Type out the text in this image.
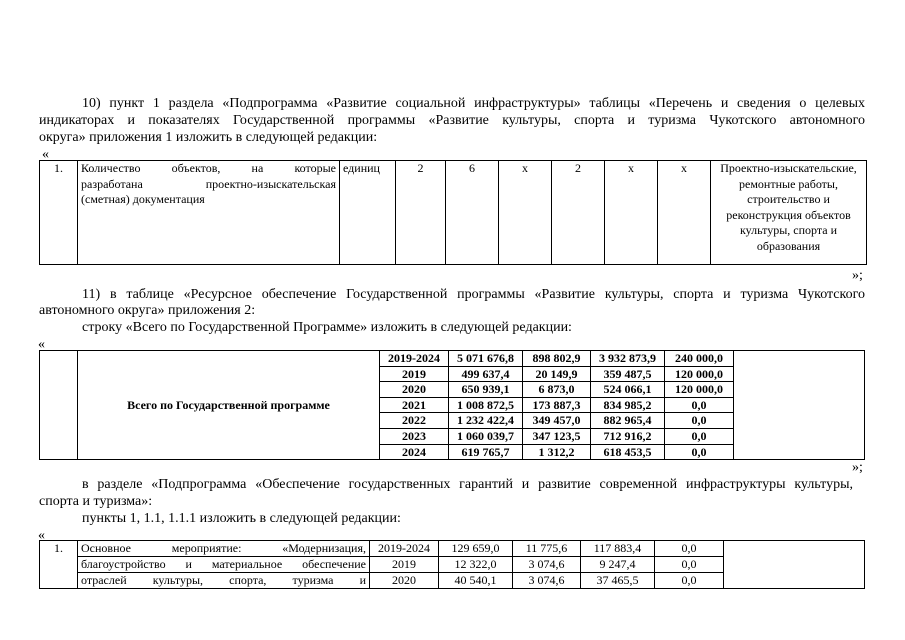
10) пункт 1 раздела «Подпрограмма «Развитие социальной инфраструктуры» таблицы «Перечень и сведения о целевых
индикаторах и показателях Государственной программы «Развитие культуры, спорта и туризма Чукотского автономного
округа» приложения 1 изложить в следующей редакции:
«
1.	Количество объектов, на которые
разработана проектно-изыскательская
(сметная) документация
	единиц	2	6	х	2	х	х	Проектно-изыскательские, ремонтные работы, строительство и реконструкция объектов культуры, спорта и образования
»;
11) в таблице «Ресурсное обеспечение Государственной программы «Развитие культуры, спорта и туризма Чукотского
автономного округа» приложения 2:
строку «Всего по Государственной Программе» изложить в следующей редакции:
«
	Всего по Государственной программе	2019-2024	5 071 676,8	898 802,9	3 932 873,9	240 000,0	
		2019	499 637,4	20 149,9	359 487,5	120 000,0	
		2020	650 939,1	6 873,0	524 066,1	120 000,0	
		2021	1 008 872,5	173 887,3	834 985,2	0,0	
		2022	1 232 422,4	349 457,0	882 965,4	0,0	
		2023	1 060 039,7	347 123,5	712 916,2	0,0	
		2024	619 765,7	1 312,2	618 453,5	0,0	
»;
в разделе «Подпрограмма «Обеспечение государственных гарантий и развитие современной инфраструктуры культуры,
спорта и туризма»:
пункты 1, 1.1, 1.1.1 изложить в следующей редакции:
«
1.	Основное мероприятие: «Модернизация,	2019-2024	129 659,0	11 775,6	117 883,4	0,0	
	благоустройство и материальное обеспечение	2019	12 322,0	3 074,6	9 247,4	0,0	
	отраслей культуры, спорта, туризма и	2020	40 540,1	3 074,6	37 465,5	0,0	
